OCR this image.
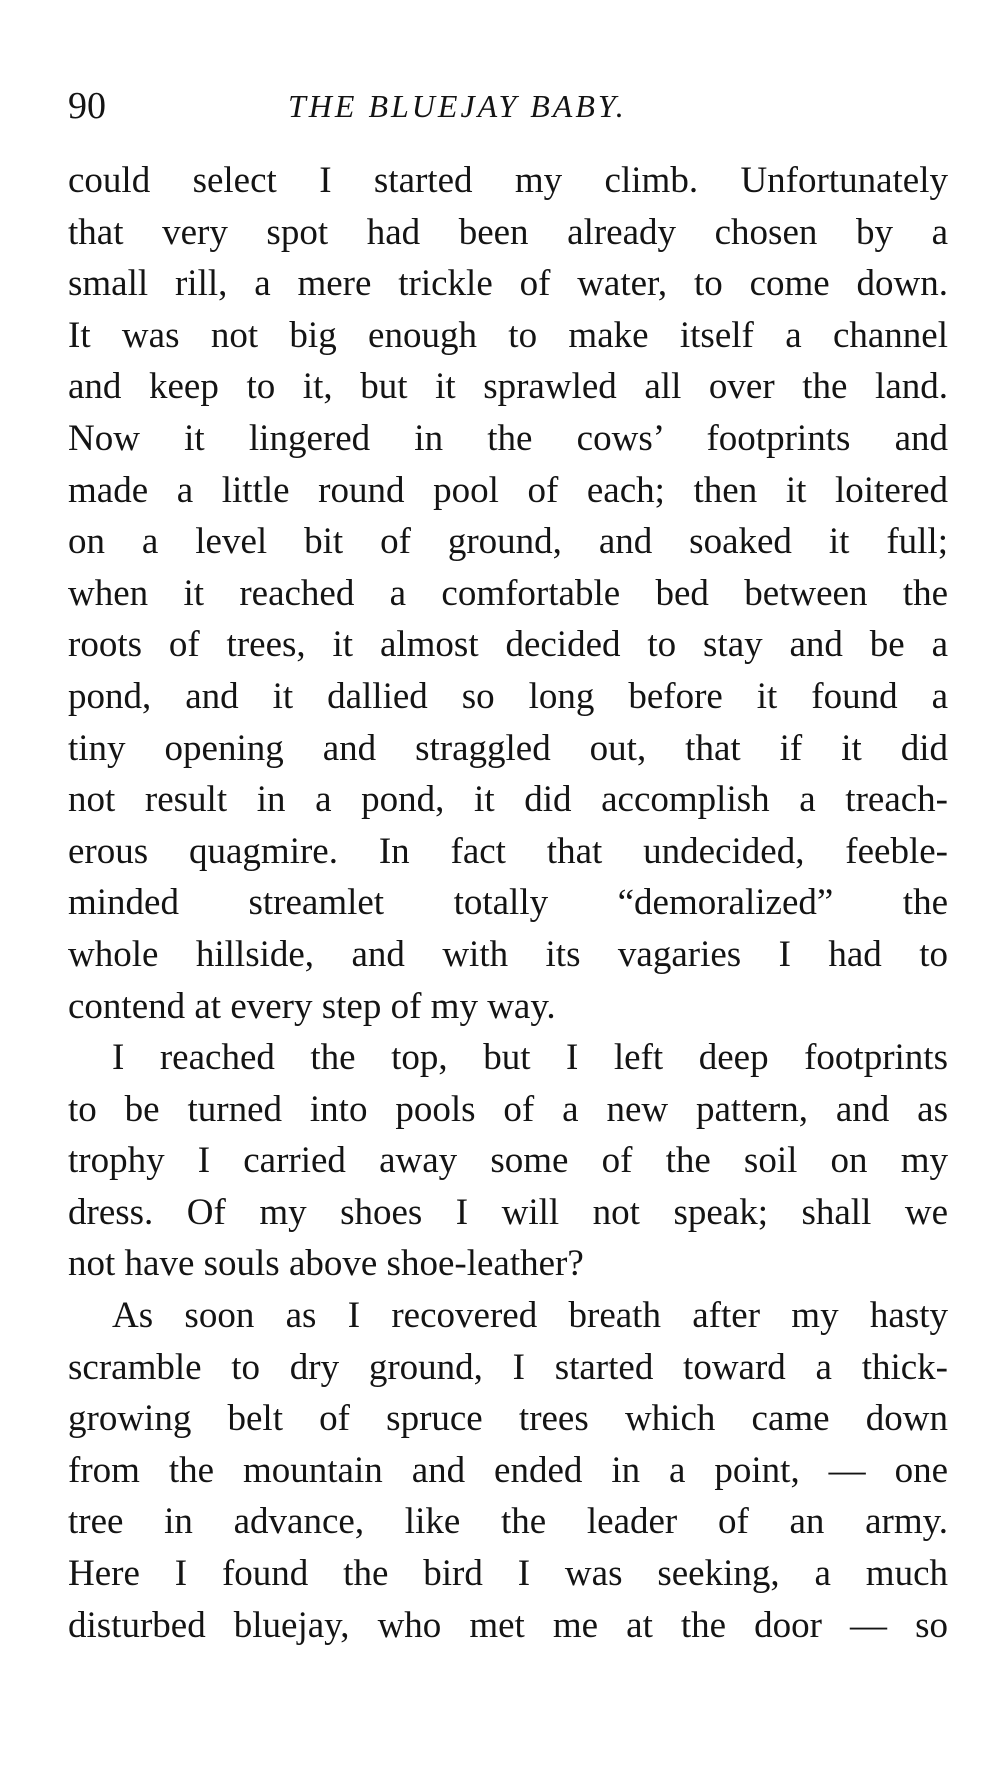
90	THE BLUEJAY BABY.
could select I started my climb. Unfortunately
that very spot had been already chosen by a
small rill, a mere trickle of water, to come down.
It was not big enough to make itself a channel
and keep to it, but it sprawled all over the land.
Now it lingered in the cows’ footprints and
made a little round pool of each; then it loitered
on a level bit of ground, and soaked it full;
when it reached a comfortable bed between the
roots of trees, it almost decided to stay and be a
pond, and it dallied so long before it found a
tiny opening and straggled out, that if it did
not result in a pond, it did accomplish a treach-
erous quagmire. In fact that undecided, feeble-
minded streamlet totally “demoralized” the
whole hillside, and with its vagaries I had to
contend at every step of my way.
I reached the top, but I left deep footprints
to be turned into pools of a new pattern, and as
trophy I carried away some of the soil on my
dress. Of my shoes I will not speak; shall we
not have souls above shoe-leather?
As soon as I recovered breath after my hasty
scramble to dry ground, I started toward a thick-
growing belt of spruce trees which came down
from the mountain and ended in a point, — one
tree in advance, like the leader of an army.
Here I found the bird I was seeking, a much
disturbed bluejay, who met me at the door — so
